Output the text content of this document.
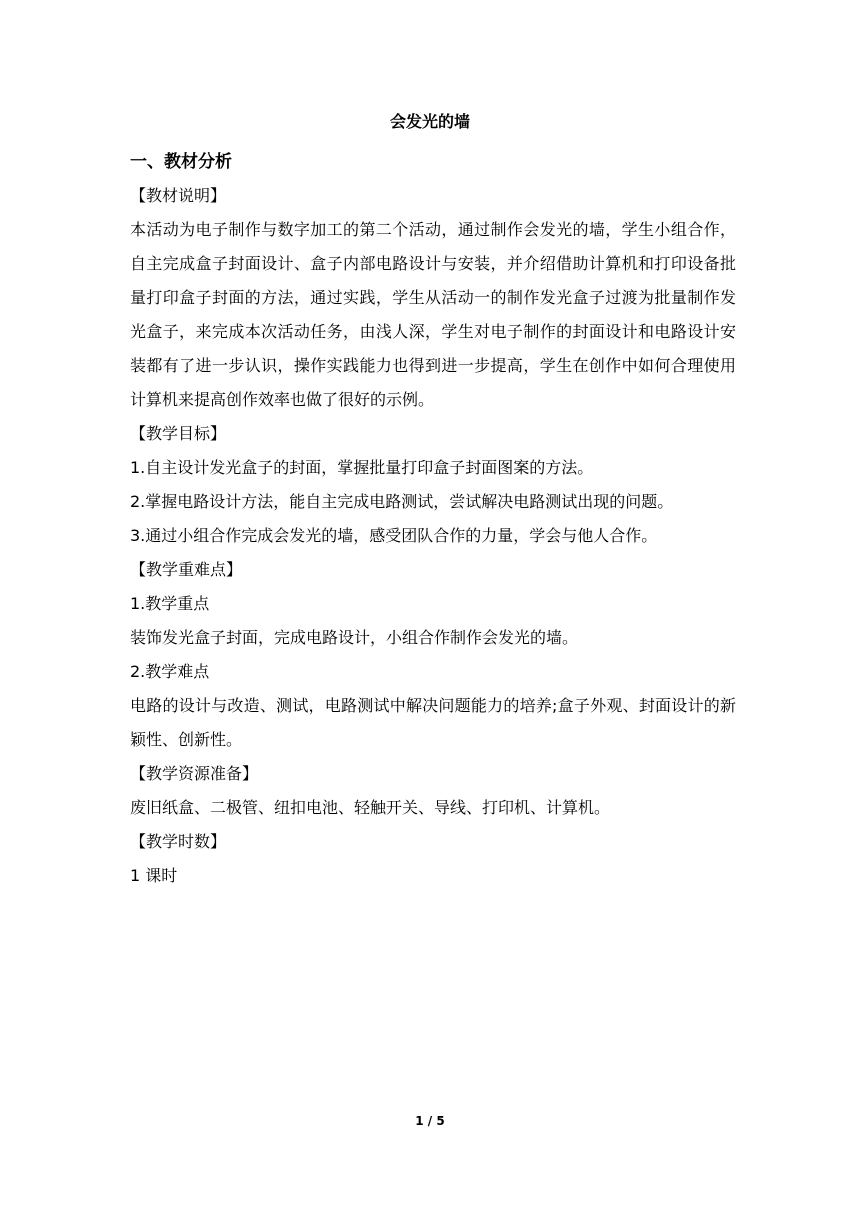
会发光的墙
一、教材分析
【教材说明】
本活动为电子制作与数字加工的第二个活动，通过制作会发光的墙，学生小组合作，自主完成盒子封面设计、盒子内部电路设计与安装，并介绍借助计算机和打印设备批量打印盒子封面的方法，通过实践，学生从活动一的制作发光盒子过渡为批量制作发光盒子，来完成本次活动任务，由浅人深，学生对电子制作的封面设计和电路设计安装都有了进一步认识，操作实践能力也得到进一步提高，学生在创作中如何合理使用计算机来提高创作效率也做了很好的示例。
【教学目标】
1.自主设计发光盒子的封面，掌握批量打印盒子封面图案的方法。
2.掌握电路设计方法，能自主完成电路测试，尝试解决电路测试出现的问题。
3.通过小组合作完成会发光的墙，感受团队合作的力量，学会与他人合作。
【教学重难点】
1.教学重点
装饰发光盒子封面，完成电路设计，小组合作制作会发光的墙。
2.教学难点
电路的设计与改造、测试，电路测试中解决问题能力的培养;盒子外观、封面设计的新颖性、创新性。
【教学资源准备】
废旧纸盒、二极管、纽扣电池、轻触开关、导线、打印机、计算机。
【教学时数】
1 课时
1 / 5
